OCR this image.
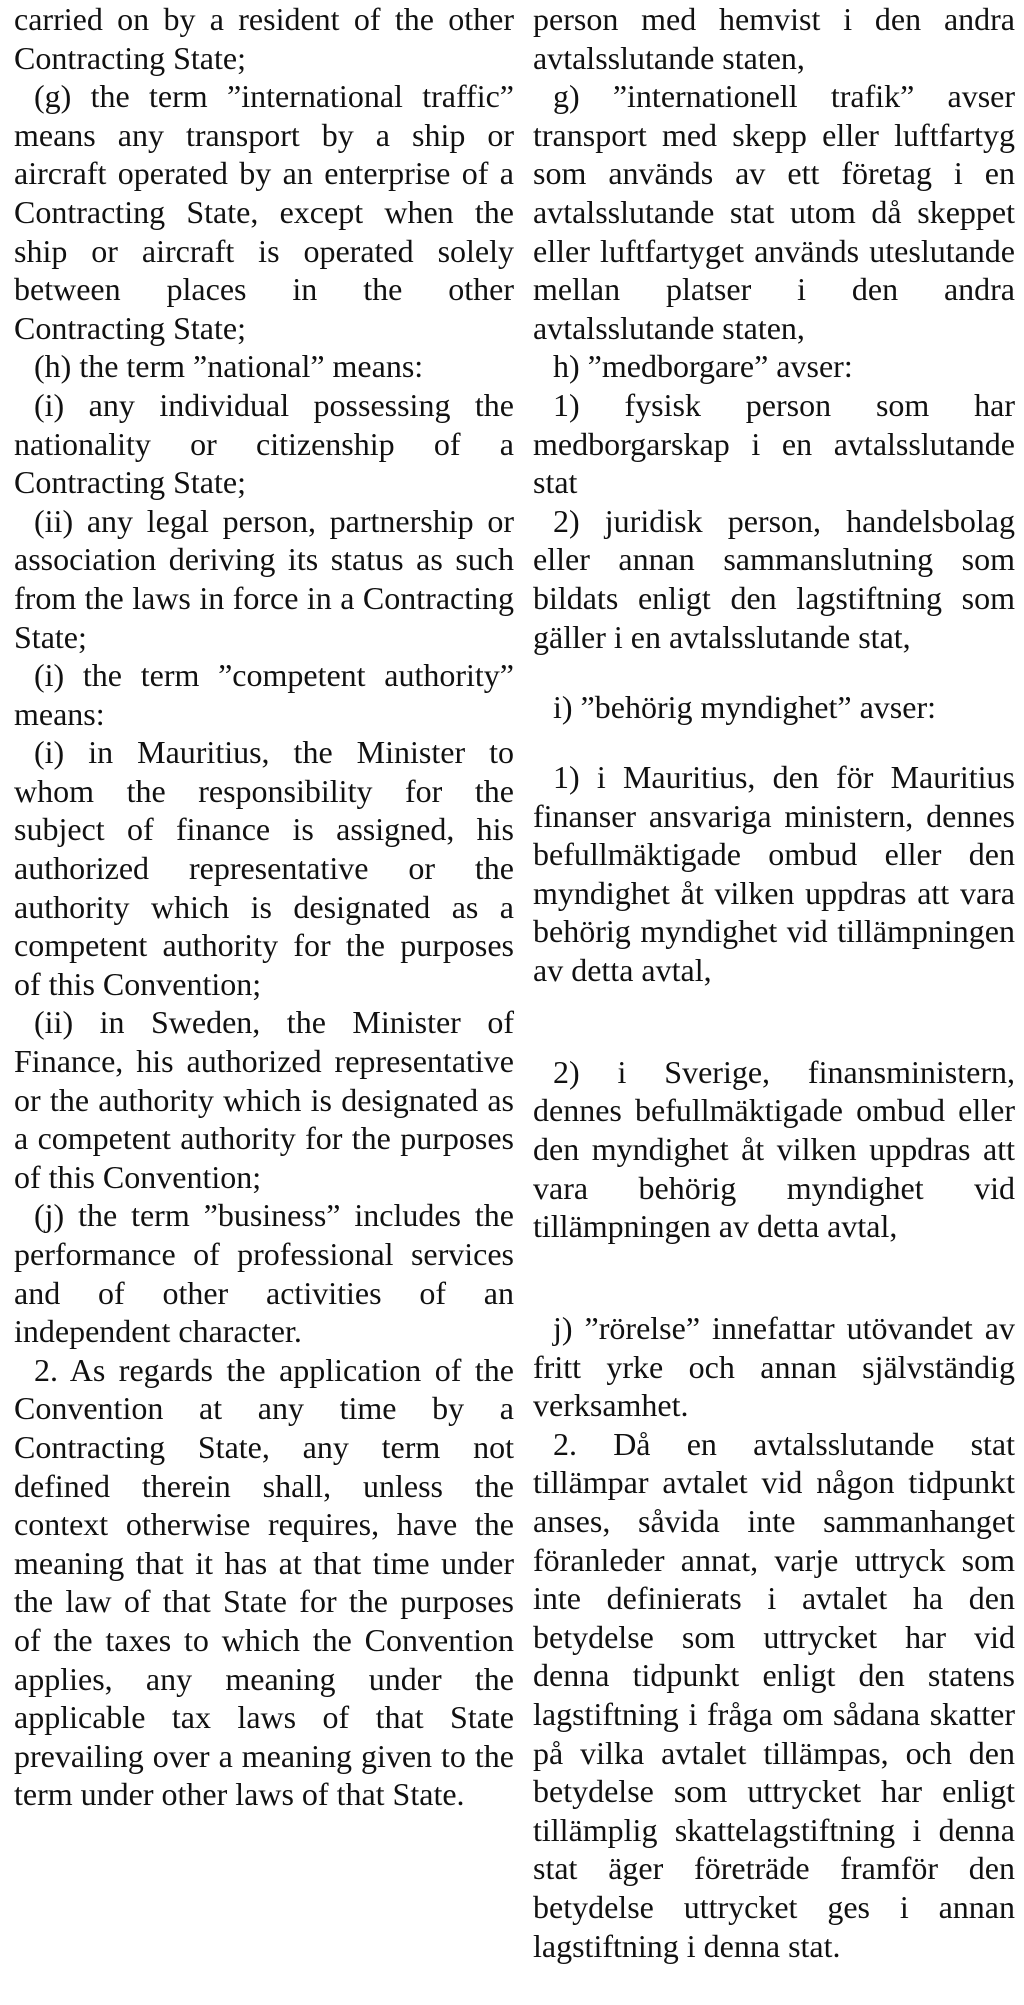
carried on by a resident of the other Contracting State;

(g) the term ”international traffic” means any transport by a ship or aircraft operated by an enterprise of a Contracting State, except when the ship or aircraft is operated solely between places in the other Contracting State;

(h) the term ”national” means:

(i) any individual possessing the nationality or citizenship of a Contracting State;

(ii) any legal person, partnership or association deriving its status as such from the laws in force in a Contracting State;

(i) the term ”competent authority” means:

(i) in Mauritius, the Minister to whom the responsibility for the subject of finance is assigned, his authorized representative or the authority which is designated as a competent authority for the purposes of this Convention;

(ii) in Sweden, the Minister of Finance, his authorized representative or the authority which is designated as a competent authority for the purposes of this Convention;

(j) the term ”business” includes the performance of professional services and of other activities of an independent character.

2. As regards the application of the Convention at any time by a Contracting State, any term not defined therein shall, unless the context otherwise requires, have the meaning that it has at that time under the law of that State for the purposes of the taxes to which the Convention applies, any meaning under the applicable tax laws of that State prevailing over a meaning given to the term under other laws of that State.

person med hemvist i den andra avtalsslutande staten,

g) ”internationell trafik” avser transport med skepp eller luftfartyg som används av ett företag i en avtalsslutande stat utom då skeppet eller luftfartyget används uteslutande mellan platser i den andra avtalsslutande staten,

h) ”medborgare” avser:

1) fysisk person som har medborgarskap i en avtalsslutande stat

2) juridisk person, handelsbolag eller annan sammanslutning som bildats enligt den lagstiftning som gäller i en avtalsslutande stat,

i) ”behörig myndighet” avser:

1) i Mauritius, den för Mauritius finanser ansvariga ministern, dennes befullmäktigade ombud eller den myndighet åt vilken uppdras att vara behörig myndighet vid tillämpningen av detta avtal,

2) i Sverige, finansministern, dennes befullmäktigade ombud eller den myndighet åt vilken uppdras att vara behörig myndighet vid tillämpningen av detta avtal,

j) ”rörelse” innefattar utövandet av fritt yrke och annan självständig verksamhet.

2. Då en avtalsslutande stat tillämpar avtalet vid någon tidpunkt anses, såvida inte sammanhanget föranleder annat, varje uttryck som inte definierats i avtalet ha den betydelse som uttrycket har vid denna tidpunkt enligt den statens lagstiftning i fråga om sådana skatter på vilka avtalet tillämpas, och den betydelse som uttrycket har enligt tillämplig skattelagstiftning i denna stat äger företräde framför den betydelse uttrycket ges i annan lagstiftning i denna stat.
